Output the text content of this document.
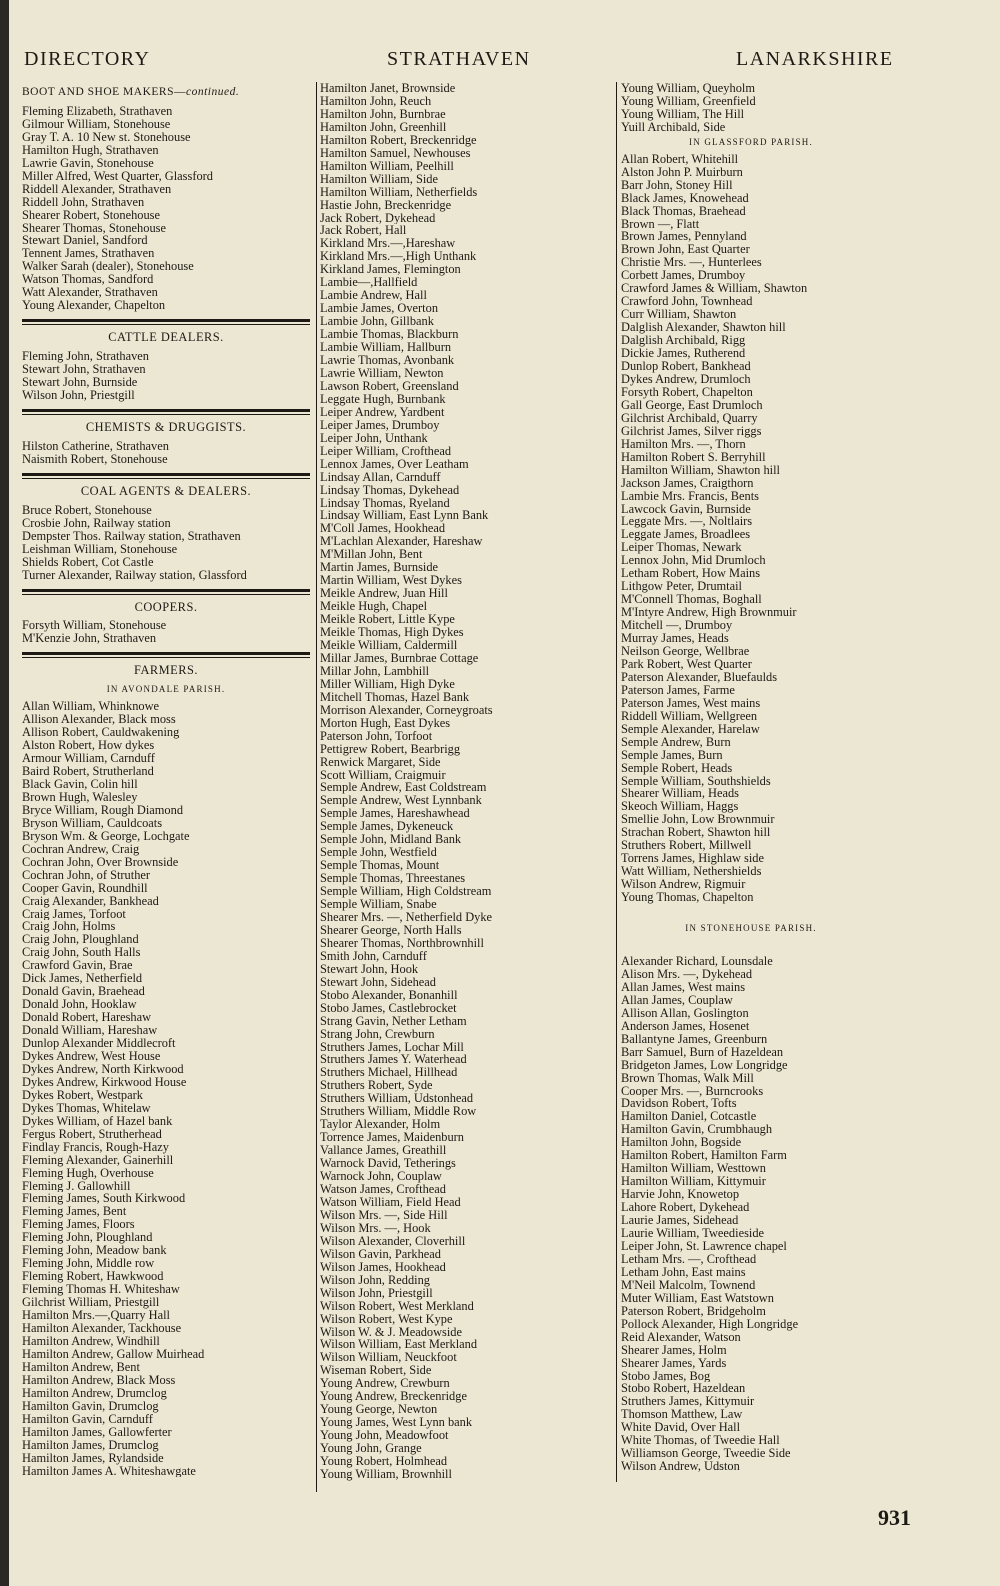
DIRECTORY	STRATHAVEN	LANARKSHIRE
BOOT AND SHOE MAKERS—continued.
Fleming Elizabeth, Strathaven
Gilmour William, Stonehouse
Gray T. A. 10 New st. Stonehouse
Hamilton Hugh, Strathaven
Lawrie Gavin, Stonehouse
Miller Alfred, West Quarter, Glassford
Riddell Alexander, Strathaven
Riddell John, Strathaven
Shearer Robert, Stonehouse
Shearer Thomas, Stonehouse
Stewart Daniel, Sandford
Tennent James, Strathaven
Walker Sarah (dealer), Stonehouse
Watson Thomas, Sandford
Watt Alexander, Strathaven
Young Alexander, Chapelton
CATTLE DEALERS.
Fleming John, Strathaven
Stewart John, Strathaven
Stewart John, Burnside
Wilson John, Priestgill
CHEMISTS & DRUGGISTS.
Hilston Catherine, Strathaven
Naismith Robert, Stonehouse
COAL AGENTS & DEALERS.
Bruce Robert, Stonehouse
Crosbie John, Railway station
Dempster Thos. Railway station, Strathaven
Leishman William, Stonehouse
Shields Robert, Cot Castle
Turner Alexander, Railway station, Glassford
COOPERS.
Forsyth William, Stonehouse
M'Kenzie John, Strathaven
FARMERS.
IN AVONDALE PARISH.
Allan William, Whinknowe
Allison Alexander, Black moss
Allison Robert, Cauldwakening
Alston Robert, How dykes
Armour William, Carnduff
Baird Robert, Strutherland
Black Gavin, Colin hill
Brown Hugh, Walesley
Bryce William, Rough Diamond
Bryson William, Cauldcoats
Bryson Wm. & George, Lochgate
Cochran Andrew, Craig
Cochran John, Over Brownside
Cochran John, of Struther
Cooper Gavin, Roundhill
Craig Alexander, Bankhead
Craig James, Torfoot
Craig John, Holms
Craig John, Ploughland
Craig John, South Halls
Crawford Gavin, Brae
Dick James, Netherfield
Donald Gavin, Braehead
Donald John, Hooklaw
Donald Robert, Hareshaw
Donald William, Hareshaw
Dunlop Alexander Middlecroft
Dykes Andrew, West House
Dykes Andrew, North Kirkwood
Dykes Andrew, Kirkwood House
Dykes Robert, Westpark
Dykes Thomas, Whitelaw
Dykes William, of Hazel bank
Fergus Robert, Strutherhead
Findlay Francis, Rough-Hazy
Fleming Alexander, Gainerhill
Fleming Hugh, Overhouse
Fleming J. Gallowhill
Fleming James, South Kirkwood
Fleming James, Bent
Fleming James, Floors
Fleming John, Ploughland
Fleming John, Meadow bank
Fleming John, Middle row
Fleming Robert, Hawkwood
Fleming Thomas H. Whiteshaw
Gilchrist William, Priestgill
Hamilton Mrs.—,Quarry Hall
Hamilton Alexander, Tackhouse
Hamilton Andrew, Windhill
Hamilton Andrew, Gallow Muirhead
Hamilton Andrew, Bent
Hamilton Andrew, Black Moss
Hamilton Andrew, Drumclog
Hamilton Gavin, Drumclog
Hamilton Gavin, Carnduff
Hamilton James, Gallowferter
Hamilton James, Drumclog
Hamilton James, Rylandside
Hamilton James A. Whiteshawgate
Hamilton Janet, Brownside
Hamilton John, Reuch
Hamilton John, Burnbrae
Hamilton John, Greenhill
Hamilton Robert, Breckenridge
Hamilton Samuel, Newhouses
Hamilton William, Peelhill
Hamilton William, Side
Hamilton William, Netherfields
Hastie John, Breckenridge
Jack Robert, Dykehead
Jack Robert, Hall
Kirkland Mrs.—,Hareshaw
Kirkland Mrs.—,High Unthank
Kirkland James, Flemington
Lambie—,Hallfield
Lambie Andrew, Hall
Lambie James, Overton
Lambie John, Gillbank
Lambie Thomas, Blackburn
Lambie William, Hallburn
Lawrie Thomas, Avonbank
Lawrie William, Newton
Lawson Robert, Greensland
Leggate Hugh, Burnbank
Leiper Andrew, Yardbent
Leiper James, Drumboy
Leiper John, Unthank
Leiper William, Crofthead
Lennox James, Over Leatham
Lindsay Allan, Carnduff
Lindsay Thomas, Dykehead
Lindsay Thomas, Ryeland
Lindsay William, East Lynn Bank
M'Coll James, Hookhead
M'Lachlan Alexander, Hareshaw
M'Millan John, Bent
Martin James, Burnside
Martin William, West Dykes
Meikle Andrew, Juan Hill
Meikle Hugh, Chapel
Meikle Robert, Little Kype
Meikle Thomas, High Dykes
Meikle William, Caldermill
Millar James, Burnbrae Cottage
Millar John, Lambhill
Miller William, High Dyke
Mitchell Thomas, Hazel Bank
Morrison Alexander, Corneygroats
Morton Hugh, East Dykes
Paterson John, Torfoot
Pettigrew Robert, Bearbrigg
Renwick Margaret, Side
Scott William, Craigmuir
Semple Andrew, East Coldstream
Semple Andrew, West Lynnbank
Semple James, Hareshawhead
Semple James, Dykeneuck
Semple John, Midland Bank
Semple John, Westfield
Semple Thomas, Mount
Semple Thomas, Threestanes
Semple William, High Coldstream
Semple William, Snabe
Shearer Mrs. —, Netherfield Dyke
Shearer George, North Halls
Shearer Thomas, Northbrownhill
Smith John, Carnduff
Stewart John, Hook
Stewart John, Sidehead
Stobo Alexander, Bonanhill
Stobo James, Castlebrocket
Strang Gavin, Nether Letham
Strang John, Crewburn
Struthers James, Lochar Mill
Struthers James Y. Waterhead
Struthers Michael, Hillhead
Struthers Robert, Syde
Struthers William, Udstonhead
Struthers William, Middle Row
Taylor Alexander, Holm
Torrence James, Maidenburn
Vallance James, Greathill
Warnock David, Tetherings
Warnock John, Couplaw
Watson James, Crofthead
Watson William, Field Head
Wilson Mrs. —, Side Hill
Wilson Mrs. —, Hook
Wilson Alexander, Cloverhill
Wilson Gavin, Parkhead
Wilson James, Hookhead
Wilson John, Redding
Wilson John, Priestgill
Wilson Robert, West Merkland
Wilson Robert, West Kype
Wilson W. & J. Meadowside
Wilson William, East Merkland
Wilson William, Neuckfoot
Wiseman Robert, Side
Young Andrew, Crewburn
Young Andrew, Breckenridge
Young George, Newton
Young James, West Lynn bank
Young John, Meadowfoot
Young John, Grange
Young Robert, Holmhead
Young William, Brownhill
Young William, Queyholm
Young William, Greenfield
Young William, The Hill
Yuill Archibald, Side
IN GLASSFORD PARISH.
Allan Robert, Whitehill
Alston John P. Muirburn
Barr John, Stoney Hill
Black James, Knowehead
Black Thomas, Braehead
Brown —, Flatt
Brown James, Pennyland
Brown John, East Quarter
Christie Mrs. —, Hunterlees
Corbett James, Drumboy
Crawford James & William, Shawton
Crawford John, Townhead
Curr William, Shawton
Dalglish Alexander, Shawton hill
Dalglish Archibald, Rigg
Dickie James, Rutherend
Dunlop Robert, Bankhead
Dykes Andrew, Drumloch
Forsyth Robert, Chapelton
Gall George, East Drumloch
Gilchrist Archibald, Quarry
Gilchrist James, Silver riggs
Hamilton Mrs. —, Thorn
Hamilton Robert S. Berryhill
Hamilton William, Shawton hill
Jackson James, Craigthorn
Lambie Mrs. Francis, Bents
Lawcock Gavin, Burnside
Leggate Mrs. —, Noltlairs
Leggate James, Broadlees
Leiper Thomas, Newark
Lennox John, Mid Drumloch
Letham Robert, How Mains
Lithgow Peter, Drumtail
M'Connell Thomas, Boghall
M'Intyre Andrew, High Brownmuir
Mitchell —, Drumboy
Murray James, Heads
Neilson George, Wellbrae
Park Robert, West Quarter
Paterson Alexander, Bluefaulds
Paterson James, Farme
Paterson James, West mains
Riddell William, Wellgreen
Semple Alexander, Harelaw
Semple Andrew, Burn
Semple James, Burn
Semple Robert, Heads
Semple William, Southshields
Shearer William, Heads
Skeoch William, Haggs
Smellie John, Low Brownmuir
Strachan Robert, Shawton hill
Struthers Robert, Millwell
Torrens James, Highlaw side
Watt William, Nethershields
Wilson Andrew, Rigmuir
Young Thomas, Chapelton
IN STONEHOUSE PARISH.
Alexander Richard, Lounsdale
Alison Mrs. —, Dykehead
Allan James, West mains
Allan James, Couplaw
Allison Allan, Goslington
Anderson James, Hosenet
Ballantyne James, Greenburn
Barr Samuel, Burn of Hazeldean
Bridgeton James, Low Longridge
Brown Thomas, Walk Mill
Cooper Mrs. —, Burncrooks
Davidson Robert, Tofts
Hamilton Daniel, Cotcastle
Hamilton Gavin, Crumbhaugh
Hamilton John, Bogside
Hamilton Robert, Hamilton Farm
Hamilton William, Westtown
Hamilton William, Kittymuir
Harvie John, Knowetop
Lahore Robert, Dykehead
Laurie James, Sidehead
Laurie William, Tweedieside
Leiper John, St. Lawrence chapel
Letham Mrs. —, Crofthead
Letham John, East mains
M'Neil Malcolm, Townend
Muter William, East Watstown
Paterson Robert, Bridgeholm
Pollock Alexander, High Longridge
Reid Alexander, Watson
Shearer James, Holm
Shearer James, Yards
Stobo James, Bog
Stobo Robert, Hazeldean
Struthers James, Kittymuir
Thomson Matthew, Law
White David, Over Hall
White Thomas, of Tweedie Hall
Williamson George, Tweedie Side
Wilson Andrew, Udston
931
